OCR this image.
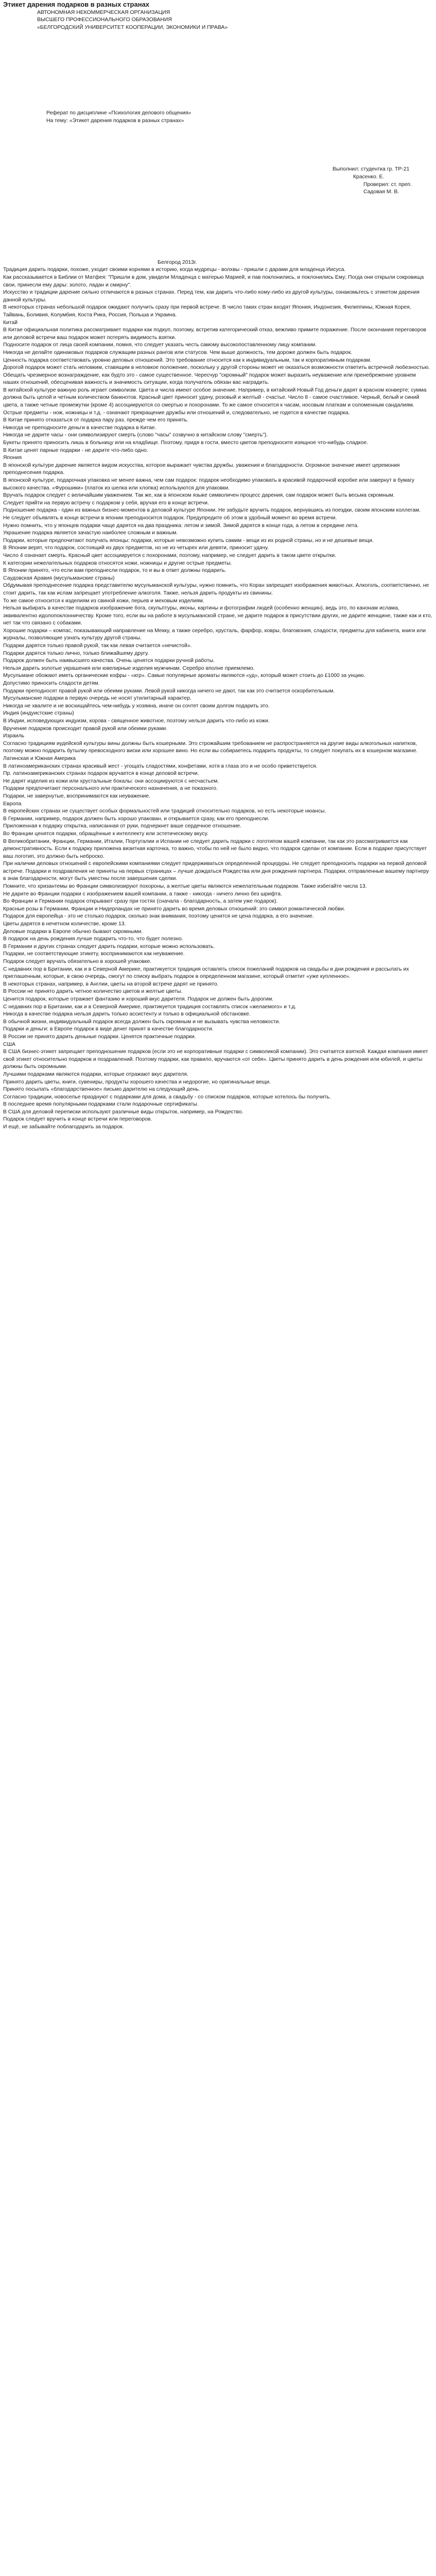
Этикет дарения подарков в разных странах

АВТОНОМНАЯ НЕКОММЕРЧЕСКАЯ ОРГАНИЗАЦИЯ

ВЫСШЕГО ПРОФЕССИОНАЛЬНОГО ОБРАЗОВАНИЯ

«БЕЛГОРОДСКИЙ УНИВЕРСИТЕТ КООПЕРАЦИИ, ЭКОНОМИКИ И ПРАВА»

Реферат по дисциплине «Психология делового общения»

На тему: «Этикет дарения подарков в разных странах»

Выполнил: студентка гр. ТР-21

Красенко. Е.

Проверил: ст. преп. Садовая М. В.

Белгород 2013г.

Традиция дарить подарки, похоже, уходит своими корнями в историю, когда мудрецы - волхвы - пришли с дарами для младенца Иисуса.

Как рассказывается в Библии от Матфея: "Пришли в дом, увидели Младенца с матерью Марией, и пав поклонились, и поклонились Ему; Погда они открыли сокровища свои, принесли ему дары: золото, ладан и смирну".

Искусство и традиции дарение сильно отличаются в разных странах. Перед тем, как дарить что-либо кому-либо из другой культуры, ознакомьтесь с этикетом дарения данной культуры.

В некоторых странах небольшой подарок ожидают получить сразу при первой встрече. В число таких стран входят Япония, Индонезия, Филиппины, Южная Корея, Тайвань, Боливия, Колумбия, Коста Рика, Россия, Польша и Украина.

Китай

В Китае официальная политика рассматривает подарки как подкуп, поэтому, встретив категорический отказ, вежливо примите поражение. После окончания переговоров или деловой встречи ваш подарок может потерять видимость взятки.

Подносите подарок от лица своей компании, помня, что следует указать честь самому высокопоставленному лицу компании.

Никогда не делайте одинаковых подарков служащим разных рангов или статусов. Чем выше должность, тем дороже должен быть подарок.

Ценность подарка соответствовать уровню деловых отношений. Это требование относится как к индивидуальным, так и корпоративным подаркам.

Дорогой подарок может стать неловким, ставящим в неловкое положение, поскольку у другой стороны может не оказаться возможности ответить встречной любезностью. Обещать чрезмерное вознаграждение, как будто это - самое существенное. Чересчур "скромный" подарок может выразить неуважение или пренебрежение уровнем наших отношений, обесценивая важность и значимость ситуации, когда получатель обязан вас наградить.

В китайской культуре важную роль играет символизм. Цвета и числа имеют особое значение. Например, в китайский Новый Год деньги дарят в красном конверте; сумма должна быть целой и четным количеством банкнотов. Красный цвет приносит удачу, розовый и желтый - счастье. Число 8 - самое счастливое. Черный, белый и синий цвета, а также четные промежутки (кроме 4) ассоциируются со смертью и похоронами. То же самое относится к часам, носовым платкам и соломенным сандалиям. Острые предметы - нож, ножницы и т.д. - означают прекращение дружбы или отношений и, следовательно, не годятся в качестве подарка.

В Китае принято отказаться от подарка пару раз, прежде чем его принять.

Никогда не преподносите деньги в качестве подарка в Китае.

Никогда не дарите часы - они символизируют смерть (слово "часы" созвучно в китайском слову "смерть").

Букеты принято приносить лишь в больницу или на кладбище. Поэтому, придя в гости, вместо цветов преподносите изящное что-нибудь сладкое.

В Китае ценят парные подарки - не дарите что-либо одно.

Япония

В японской культуре дарение является видом искусства, которое выражает чувства дружбы, уважения и благодарности. Огромное значение имеет церемония преподнесения подарка.

В японской культуре, подарочная упаковка не менее важна, чем сам подарок: подарок необходимо упаковать в красивой подарочной коробке или завернут в бумагу высокого качества. «Фурошики» (платок из шелка или хлопка) используются для упаковки.

Вручать подарок следует с величайшим уважением. Так же, как в японском языке символичен процесс дарения, сам подарок может быть весьма скромным.

Следует прийти на первую встречу с подарком у себя, вручая его в конце встречи.

Подношение подарка - один из важных бизнес-моментов в деловой культуре Японии. Не забудьте вручить подарок, вернувшись из поездки, своим японским коллегам.

Не следует объявлять в конце встречи в японии преподносится подарок. Предупредите об этом в удобный момент во время встречи.

Нужно помнить, что у японцев подарки чаще дарятся на два праздника: летом и зимой. Зимой дарятся в конце года, а летом в середине лета.

Украшение подарка является зачастую наиболее сложным и важным.

Подарки, которые предпочитают получать японцы: подарки, которые невозможно купить самим - вещи из их родной страны, но и не дешевые вещи.

В Японии верят, что подарок, состоящий из двух предметов, но не из четырех или девяти, приносит удачу.

Число 4 означает смерть. Красный цвет ассоциируется с похоронами, поэтому, например, не следует дарить в таком цвете открытки.

К категории нежелательных подарков относятся ножи, ножницы и другие острые предметы.

В Японии принято, что если вам преподнесли подарок, то и вы в ответ должны подарить.

Саудовская Аравия (мусульманские страны)

Обдумывая преподнесение подарка представителю мусульманской культуры, нужно помнить, что Коран запрещает изображения животных. Алкоголь, соответственно, не стоит дарить, так как ислам запрещает употребление алкоголя. Также, нельзя дарить продукты из свинины.

То же самое относится к изделиям из свиной кожи, перьев и меховым изделиям.

Нельзя выбирать в качестве подарков изображение бога, скульптуры, иконы, картины и фотографии людей (особенно женщин), ведь это, по канонам ислама, эквивалентно идолопоклонничеству. Кроме того, если вы на работе в мусульманской стране, не дарите подарок в присутствии других, не дарите женщине, также как и кто, нет так что связано с собаками.

Хорошие подарки – компас, показывающий направление на Мекку, а также серебро, хрусталь, фарфор, ковры, благовония, сладости, предметы для кабинета, книги или журналы, позволяющие узнать культуру другой страны.

Подарки дарятся только правой рукой, так как левая считается «нечистой».

Подарки дарятся только лично, только ближайшему другу.

Подарок должен быть наивысшего качества. Очень ценятся подарки ручной работы.

Нельзя дарить золотые украшения или ювелирные изделия мужчинам. Серебро вполне приемлемо.

Мусульмане обожают иметь органические кофры - «кгр». Самые популярные ароматы являются «уд», который может стоить до £1000 за унцию.

Допустимо приносить сладости детям.

Подарки преподносят правой рукой или обеими руками. Левой рукой никогда ничего не дают, так как это считается оскорбительным.

Мусульманские подарки в первую очередь не носят утилитарный характер.

Никогда не хвалите и не восхищайтесь чем-нибудь у хозяина, иначе он сочтет своим долгом подарить это.

Индия (индуистские страны)

В Индии, исповедующих индуизм, корова - священное животное, поэтому нельзя дарить что-либо из кожи.

Вручение подарков происходит правой рукой или обеими руками.

Израиль

Согласно традициям иудейской культуры вины должны быть кошерными. Это строжайшим требованием не распространяется на другие виды алкогольных напитков, поэтому можно подарить бутылку превосходного виски или хорошее вино. Но если вы собираетесь подарить продукты, то следует покупать их в кошерном магазине.

Латинская и Южная Америка

В латиноамериканских странах красивый жест - угощать сладостями, конфетами, хотя в глаза это и не особо приветствуется.

Пр. латиноамериканских странах подарок вручается в конце деловой встречи.

Не дарят изделия из кожи или хрустальные бокалы: они ассоциируются с несчастьем.

Подарки предпочитают персонального или практического назначения, а не показного.

Подарки, не завернутые, воспринимаются как неуважение.

Европа

В европейских странах не существует особых формальностей или традиций относительно подарков, но есть некоторые нюансы.

В Германии, например, подарок должен быть хорошо упакован, и открывается сразу, как его преподнесли.

Приложенная к подарку открытка, написанная от руки, подчеркнет ваше сердечное отношение.

Во Франции ценятся подарки, обращённые к интеллекту или эстетическому вкусу.

В Великобритании, Франции, Германии, Италии, Португалии и Испании не следует дарить подарки с логотипом вашей компании, так как это рассматривается как демонстративность. Если к подарку приложена визитная карточка, то важно, чтобы по ней не было видно, что подарок сделан от компании. Если в подарке присутствует ваш логотип, это должно быть неброско.

При наличии деловых отношений с европейскими компаниями следует придерживаться определенной процедуры. Не следует преподносить подарки на первой деловой встрече. Подарки и поздравления не приняты на первых страницах – лучше дождаться Рождества или дня рождения партнера. Подарки, отправленные вашему партнеру в знак благодарности, могут быть уместны после завершения сделки.

Помните, что хризантемы во Франции символизируют похороны, а желтые цветы являются нежелательным подарком. Также избегайте числа 13.

Не дарите во Франции подарки с изображением вашей компании, а также - никогда - ничего лично без шрифта.

Во Франции и Германии подарок открывают сразу при гостях (сначала - благодарность, а затем уже подарок).

Красные розы в Германии, Франции и Нидерландах не принято дарить во время деловых отношений: это символ романтической любви.

Подарок для европейца - это не столько подарок, сколько знак внимания, поэтому ценится не цена подарка, а его значение.

Цветы дарятся в нечетном количестве, кроме 13.

Деловые подарки в Европе обычно бывают скромными.

В подарок на день рождения лучше подарить что-то, что будет полезно.

В Германии и других странах следует дарить подарки, которые можно использовать.

Подарки, не соответствующие этикету, воспринимаются как неуважение.

Подарок следует вручать обязательно в хорошей упаковке.

С недавних пор в Британии, как и в Северной Америке, практикуется традиция оставлять список пожеланий подарков на свадьбы и дни рождения и рассылать их приглашенным, которые, в свою очередь, смогут по списку выбрать подарок в определенном магазине, который отметит «уже купленное».

В некоторых странах, например, в Англии, цветы на второй встрече дарят не принято.

В России не принято дарить четное количество цветов и желтые цветы.

Ценится подарок, которые отражает фантазию и хороший вкус дарителя. Подарок не должен быть дорогим.

С недавних пор в Британии, как и в Северной Америке, практикуется традиция составлять список «желаемого» и т.д.

Никогда в качестве подарка нельзя дарить только ассистенту и только в официальной обстановке.

В обычной жизни, индивидуальный подарок всегда должен быть скромным и не вызывать чувства неловкости.

Подарки и деньги: в Европе подарок в виде денег принят в качестве благодарности.

В России не принято дарить деньные подарки. Ценятся практичные подарки.

США

В США бизнес-этикет запрещает преподношение подарков (если это не корпоративные подарки с символикой компании). Это считается взяткой. Каждая компания имеет свой этикет относительно подарков и поздравлений. Поэтому подарки, как правило, вручаются «от себя». Цветы принято дарить в день рождения или юбилей, и цветы должны быть скромными.

Лучшими подарками являются подарки, которые отражают вкус дарителя.

Принято дарить цветы, книги, сувениры, продукты хорошего качества и недорогие, но оригинальные вещи.

Принято посылать «благодарственное» письмо дарителю на следующий день.

Согласно традиции, новоселье празднуют с подарками для дома, а свадьбу - со списком подарков, которые хотелось бы получить.

В последнее время популярными подарками стали подарочные сертификаты.

В США для деловой переписки используют различные виды открыток, например, на Рождество.

Подарок следует вручить в конце встречи или переговоров.

И ещё, не забывайте поблагодарить за подарок.
